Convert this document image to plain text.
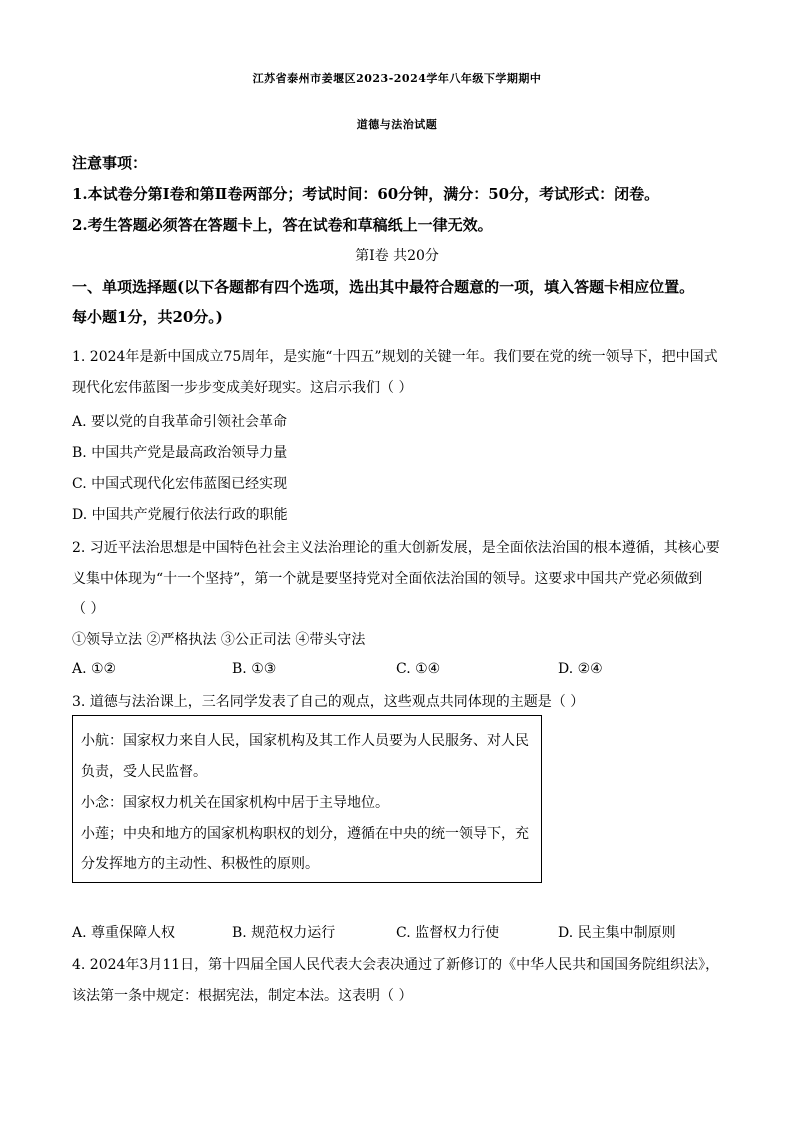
江苏省泰州市姜堰区2023-2024学年八年级下学期期中
道德与法治试题
注意事项：
1.本试卷分第Ⅰ卷和第Ⅱ卷两部分；考试时间：60分钟，满分：50分，考试形式：闭卷。
2.考生答题必须答在答题卡上，答在试卷和草稿纸上一律无效。
第Ⅰ卷 共20分
一、单项选择题(以下各题都有四个选项，选出其中最符合题意的一项，填入答题卡相应位置。
每小题1分，共20分。)
1. 2024年是新中国成立75周年，是实施“十四五”规划的关键一年。我们要在党的统一领导下，把中国式
现代化宏伟蓝图一步步变成美好现实。这启示我们（ ）
A. 要以党的自我革命引领社会革命
B. 中国共产党是最高政治领导力量
C. 中国式现代化宏伟蓝图已经实现
D. 中国共产党履行依法行政的职能
2. 习近平法治思想是中国特色社会主义法治理论的重大创新发展，是全面依法治国的根本遵循，其核心要
义集中体现为“十一个坚持”，第一个就是要坚持党对全面依法治国的领导。这要求中国共产党必须做到
（ ）
①领导立法 ②严格执法 ③公正司法 ④带头守法
A. ①②	B. ①③	C. ①④	D. ②④
3. 道德与法治课上，三名同学发表了自己的观点，这些观点共同体现的主题是（ ）
小航：国家权力来自人民，国家机构及其工作人员要为人民服务、对人民
负责，受人民监督。
小念：国家权力机关在国家机构中居于主导地位。
小莲；中央和地方的国家机构职权的划分，遵循在中央的统一领导下，充
分发挥地方的主动性、积极性的原则。
A. 尊重保障人权	B. 规范权力运行	C. 监督权力行使	D. 民主集中制原则
4. 2024年3月11日，第十四届全国人民代表大会表决通过了新修订的《中华人民共和国国务院组织法》，
该法第一条中规定：根据宪法，制定本法。这表明（ ）
